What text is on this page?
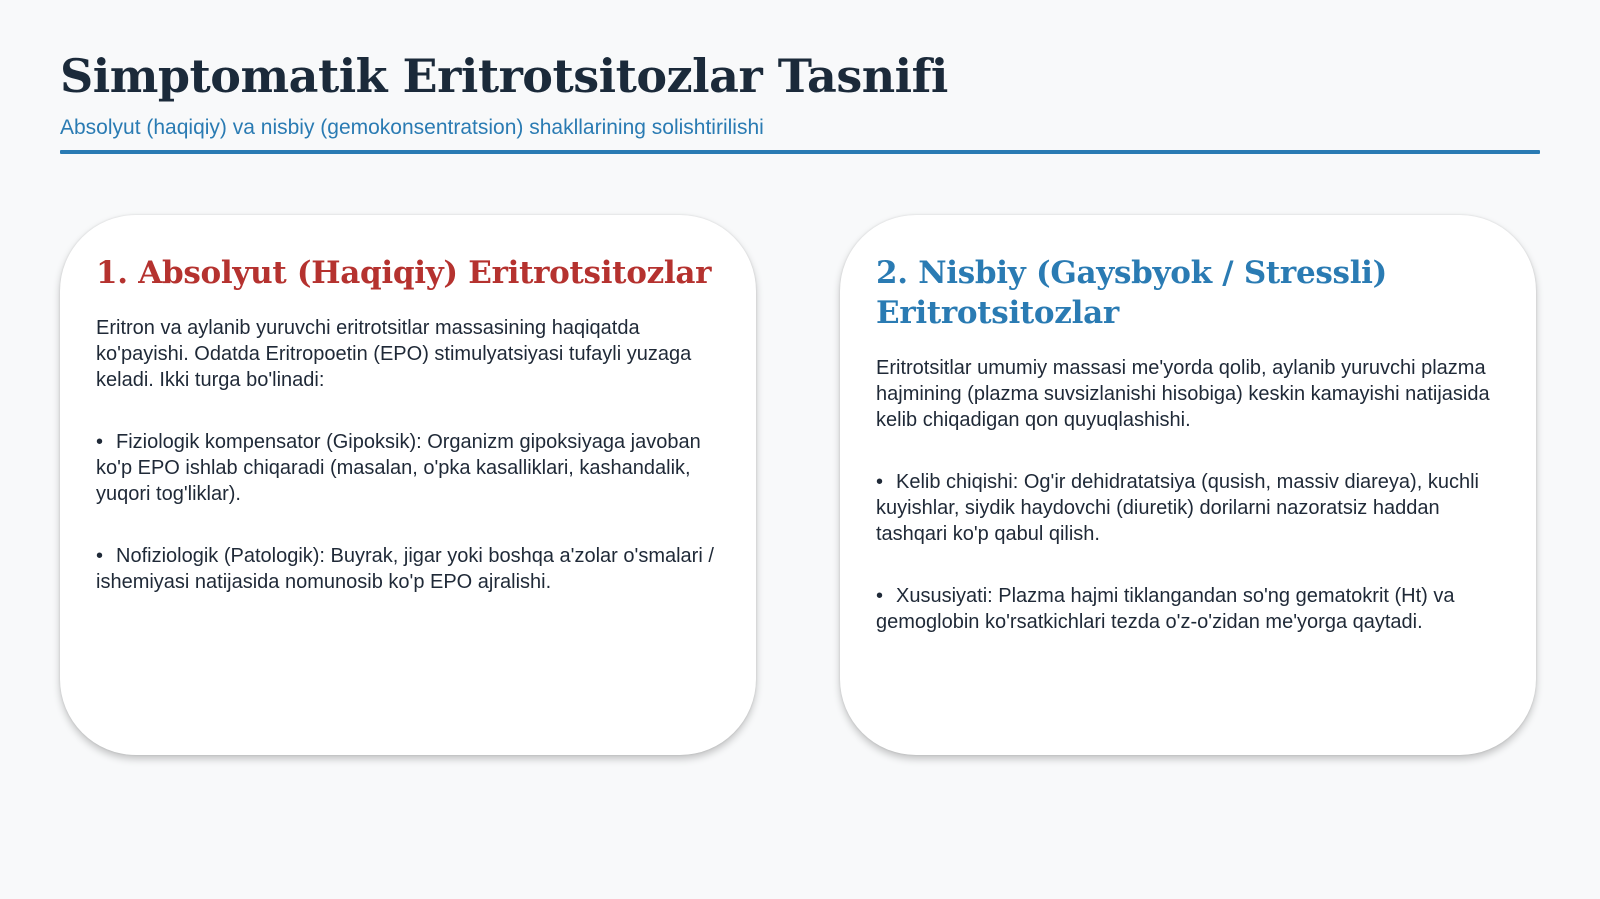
Simptomatik Eritrotsitozlar Tasnifi

Absolyut (haqiqiy) va nisbiy (gemokonsentratsion) shakllarining solishtirilishi

1. Absolyut (Haqiqiy) Eritrotsitozlar

Eritron va aylanib yuruvchi eritrotsitlar massasining haqiqatda ko'payishi. Odatda Eritropoetin (EPO) stimulyatsiyasi tufayli yuzaga keladi. Ikki turga bo'linadi:

• Fiziologik kompensator (Gipoksik): Organizm gipoksiyaga javoban ko'p EPO ishlab chiqaradi (masalan, o'pka kasalliklari, kashandalik, yuqori tog'liklar).

• Nofiziologik (Patologik): Buyrak, jigar yoki boshqa a'zolar o'smalari / ishemiyasi natijasida nomunosib ko'p EPO ajralishi.

2. Nisbiy (Gaysbyok / Stressli) Eritrotsitozlar

Eritrotsitlar umumiy massasi me'yorda qolib, aylanib yuruvchi plazma hajmining (plazma suvsizlanishi hisobiga) keskin kamayishi natijasida kelib chiqadigan qon quyuqlashishi.

• Kelib chiqishi: Og'ir dehidratatsiya (qusish, massiv diareya), kuchli kuyishlar, siydik haydovchi (diuretik) dorilarni nazoratsiz haddan tashqari ko'p qabul qilish.

• Xususiyati: Plazma hajmi tiklangandan so'ng gematokrit (Ht) va gemoglobin ko'rsatkichlari tezda o'z-o'zidan me'yorga qaytadi.
